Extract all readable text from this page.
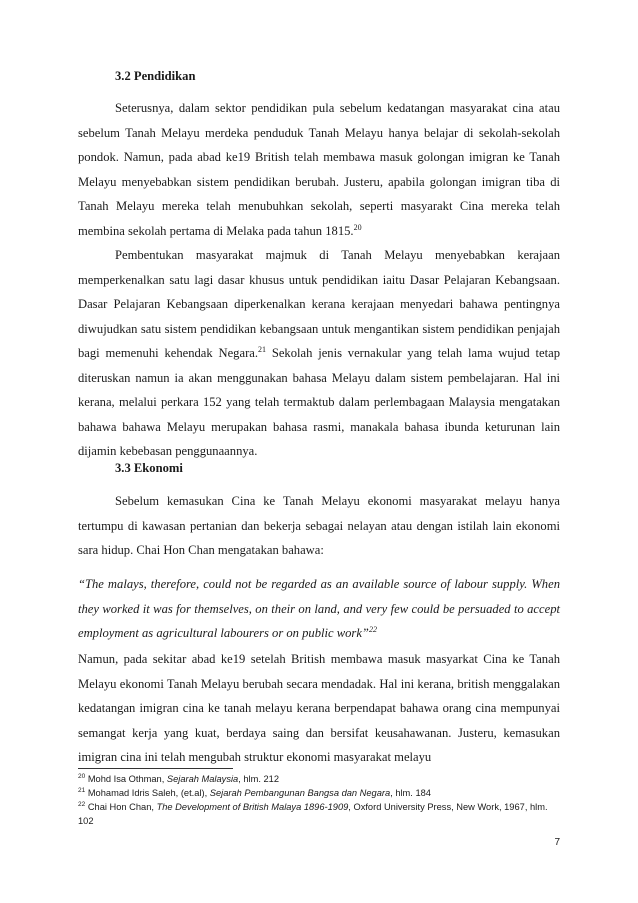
3.2 Pendidikan

Seterusnya, dalam sektor pendidikan pula sebelum kedatangan masyarakat cina atau sebelum Tanah Melayu merdeka penduduk Tanah Melayu hanya belajar di sekolah-sekolah pondok. Namun, pada abad ke19 British telah membawa masuk golongan imigran ke Tanah Melayu menyebabkan sistem pendidikan berubah. Justeru, apabila golongan imigran tiba di Tanah Melayu mereka telah menubuhkan sekolah, seperti masyarakt Cina mereka telah membina sekolah pertama di Melaka pada tahun 1815.20

Pembentukan masyarakat majmuk di Tanah Melayu menyebabkan kerajaan memperkenalkan satu lagi dasar khusus untuk pendidikan iaitu Dasar Pelajaran Kebangsaan. Dasar Pelajaran Kebangsaan diperkenalkan kerana kerajaan menyedari bahawa pentingnya diwujudkan satu sistem pendidikan kebangsaan untuk mengantikan sistem pendidikan penjajah bagi memenuhi kehendak Negara.$^{21}$ Sekolah jenis vernakular yang telah lama wujud tetap diteruskan namun ia akan menggunakan bahasa Melayu dalam sistem pembelajaran. Hal ini kerana, melalui perkara 152 yang telah termaktub dalam perlembagaan Malaysia mengatakan bahawa bahawa Melayu merupakan bahasa rasmi, manakala bahasa ibunda keturunan lain dijamin kebebasan penggunaannya.

3.3 Ekonomi

Sebelum kemasukan Cina ke Tanah Melayu ekonomi masyarakat melayu hanya tertumpu di kawasan pertanian dan bekerja sebagai nelayan atau dengan istilah lain ekonomi sara hidup. Chai Hon Chan mengatakan bahawa:

“The malays, therefore, could not be regarded as an available source of labour supply. When they worked it was for themselves, on their on land, and very few could be persuaded to accept employment as agricultural labourers or on public work”$^{22}$

Namun, pada sekitar abad ke19 setelah British membawa masuk masyarkat Cina ke Tanah Melayu ekonomi Tanah Melayu berubah secara mendadak. Hal ini kerana, british menggalakan kedatangan imigran cina ke tanah melayu kerana berpendapat bahawa orang cina mempunyai semangat kerja yang kuat, berdaya saing dan bersifat keusahawanan. Justeru, kemasukan imigran cina ini telah mengubah struktur ekonomi masyarakat melayu

$^{20}$ Mohd Isa Othman, Sejarah Malaysia, hlm. 212

$^{21}$ Mohamad Idris Saleh, (et.al), Sejarah Pembangunan Bangsa dan Negara, hlm. 184

$^{22}$ Chai Hon Chan, The Development of British Malaya 1896-1909, Oxford University Press, New Work, 1967, hlm. 102

7
